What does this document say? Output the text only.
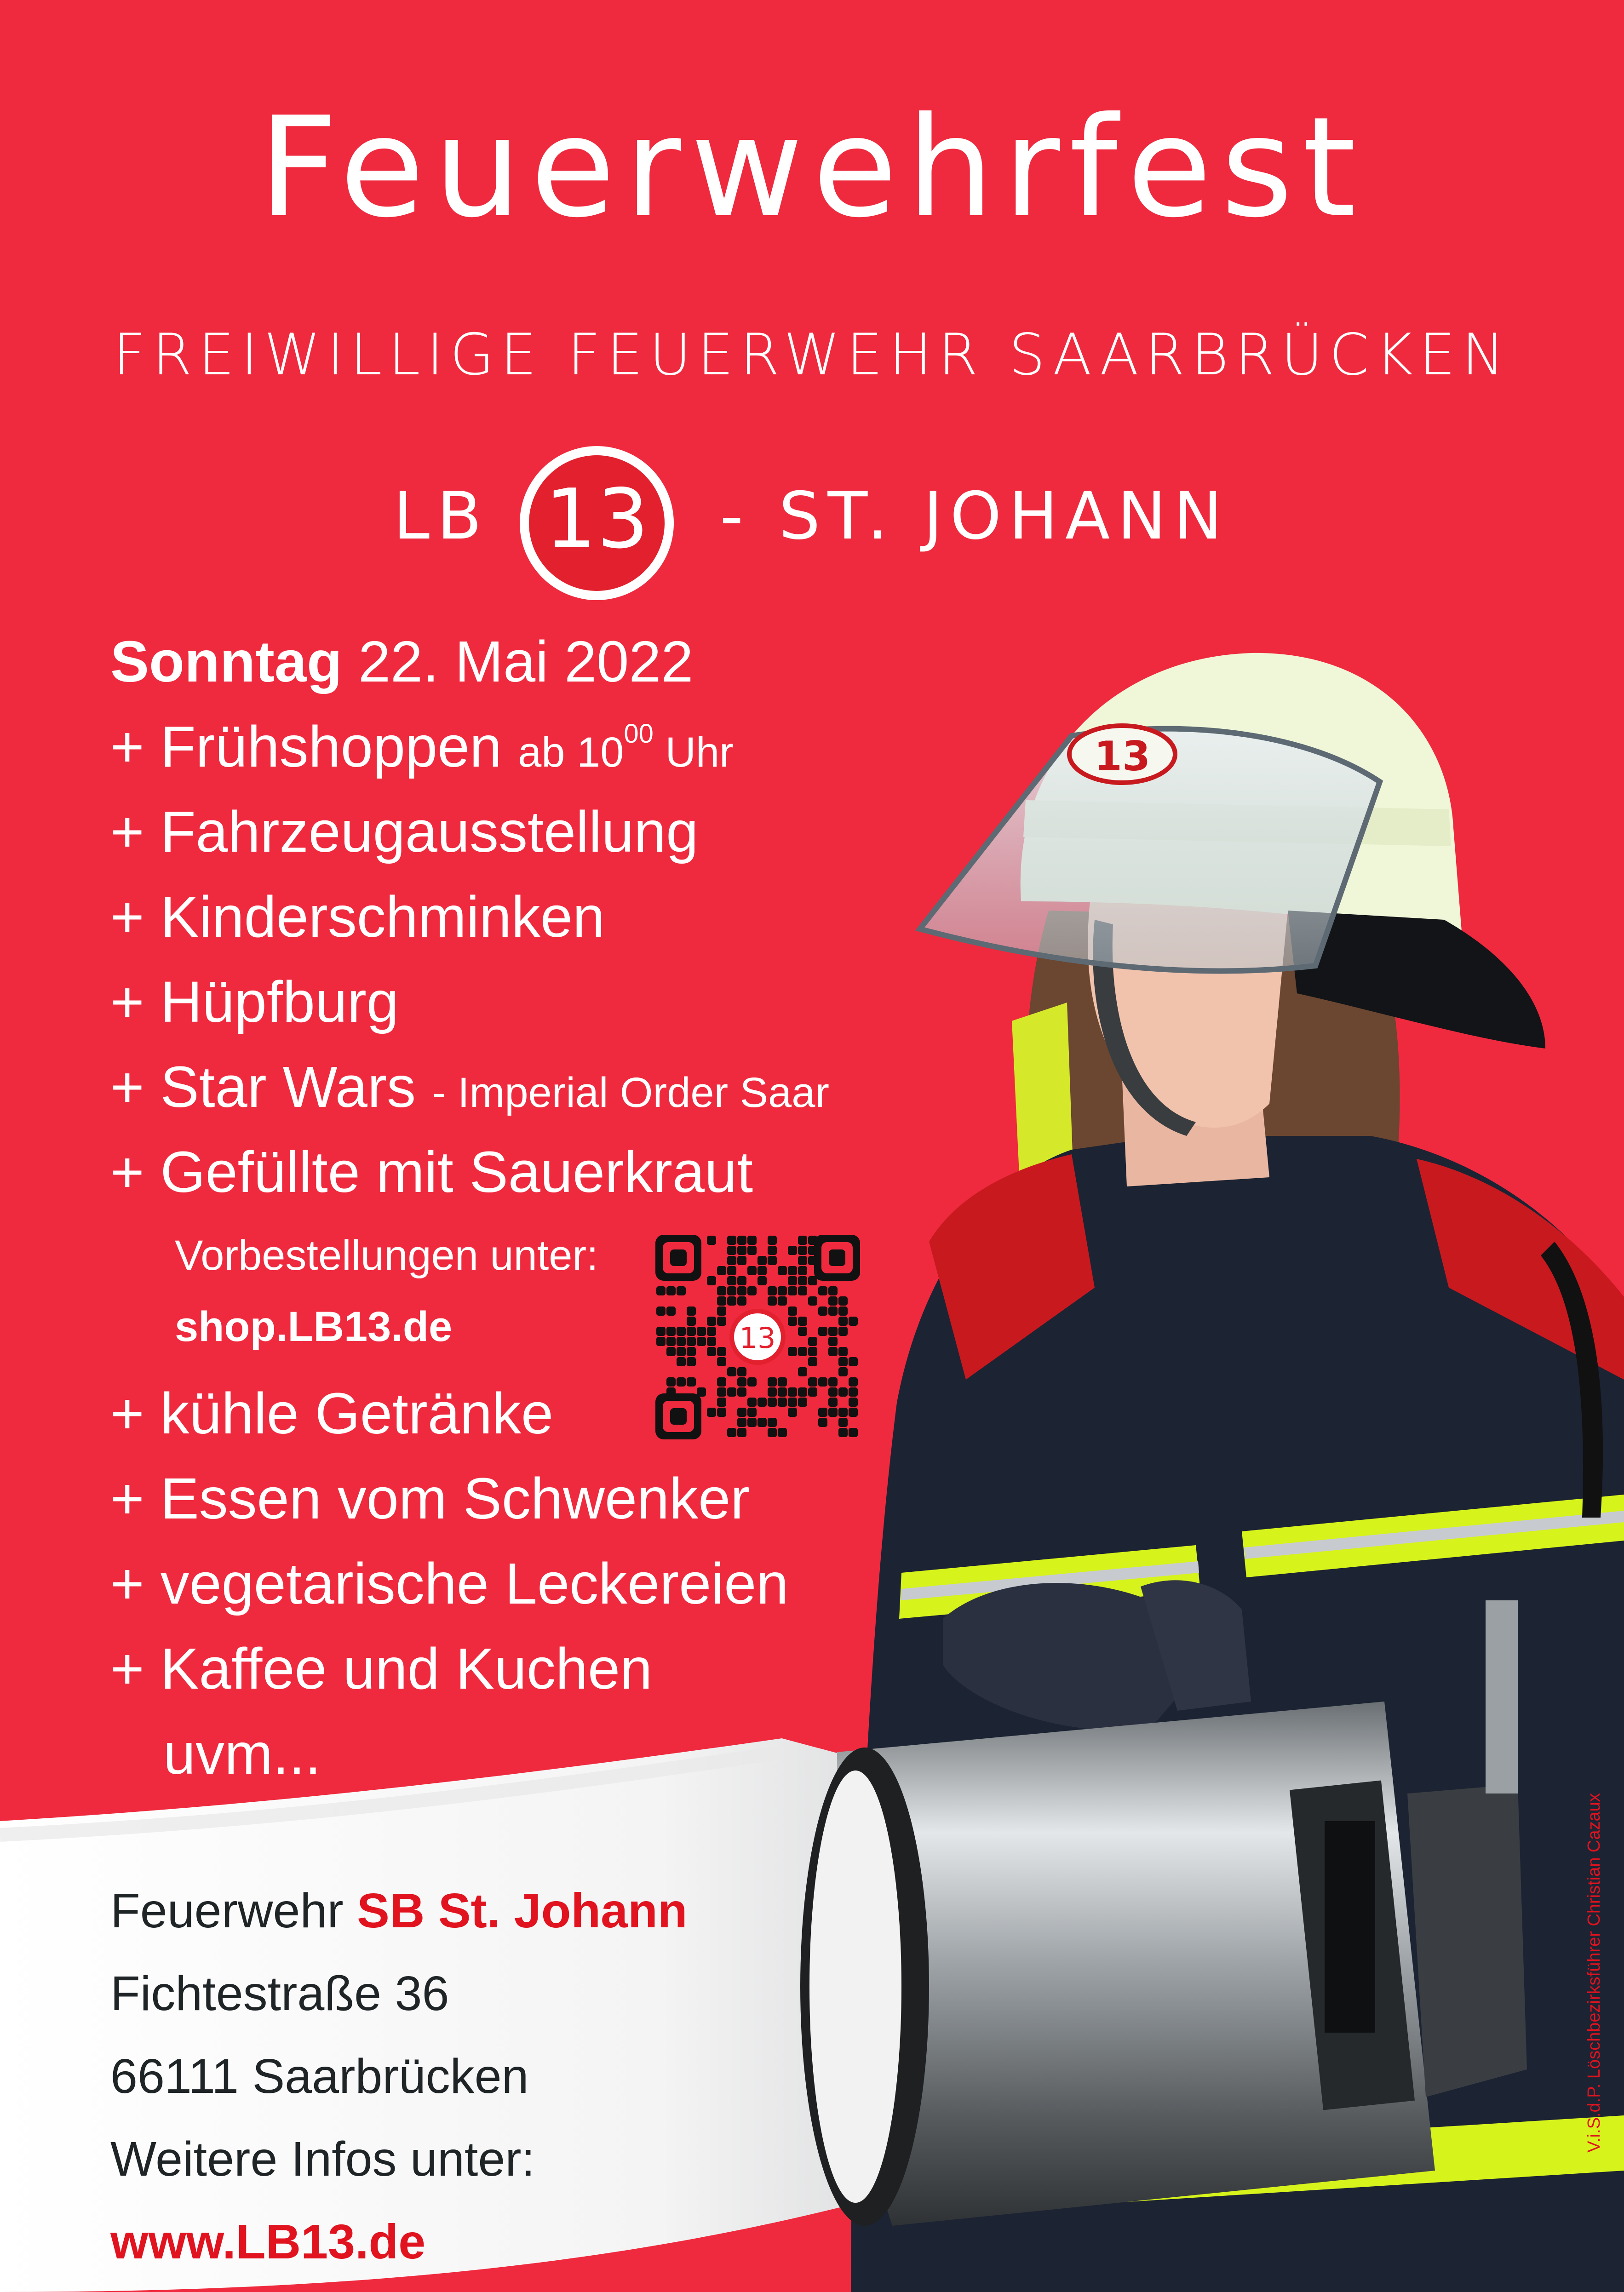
13
Feuerwehrfest
FREIWILLIGE FEUERWEHR SAARBRÜCKEN
LB 13	- ST. JOHANN
Sonntag 22. Mai 2022
+ Frühshoppen ab $10^{00}$ Uhr
+ Fahrzeugausstellung
+ Kinderschminken
+ Hüpfburg
+ Star Wars - Imperial Order Saar
+ Gefüllte mit Sauerkraut
Vorbestellungen unter:
shop.LB13.de
+ kühle Getränke
+ Essen vom Schwenker
+ vegetarische Leckereien
+ Kaffee und Kuchen
uvm...
13
Feuerwehr SB St. Johann
Fichtestraße 36
66111 Saarbrücken
Weitere Infos unter:
www.LB13.de
V.i.S.d.P. Löschbezirksführer Christian Cazaux
